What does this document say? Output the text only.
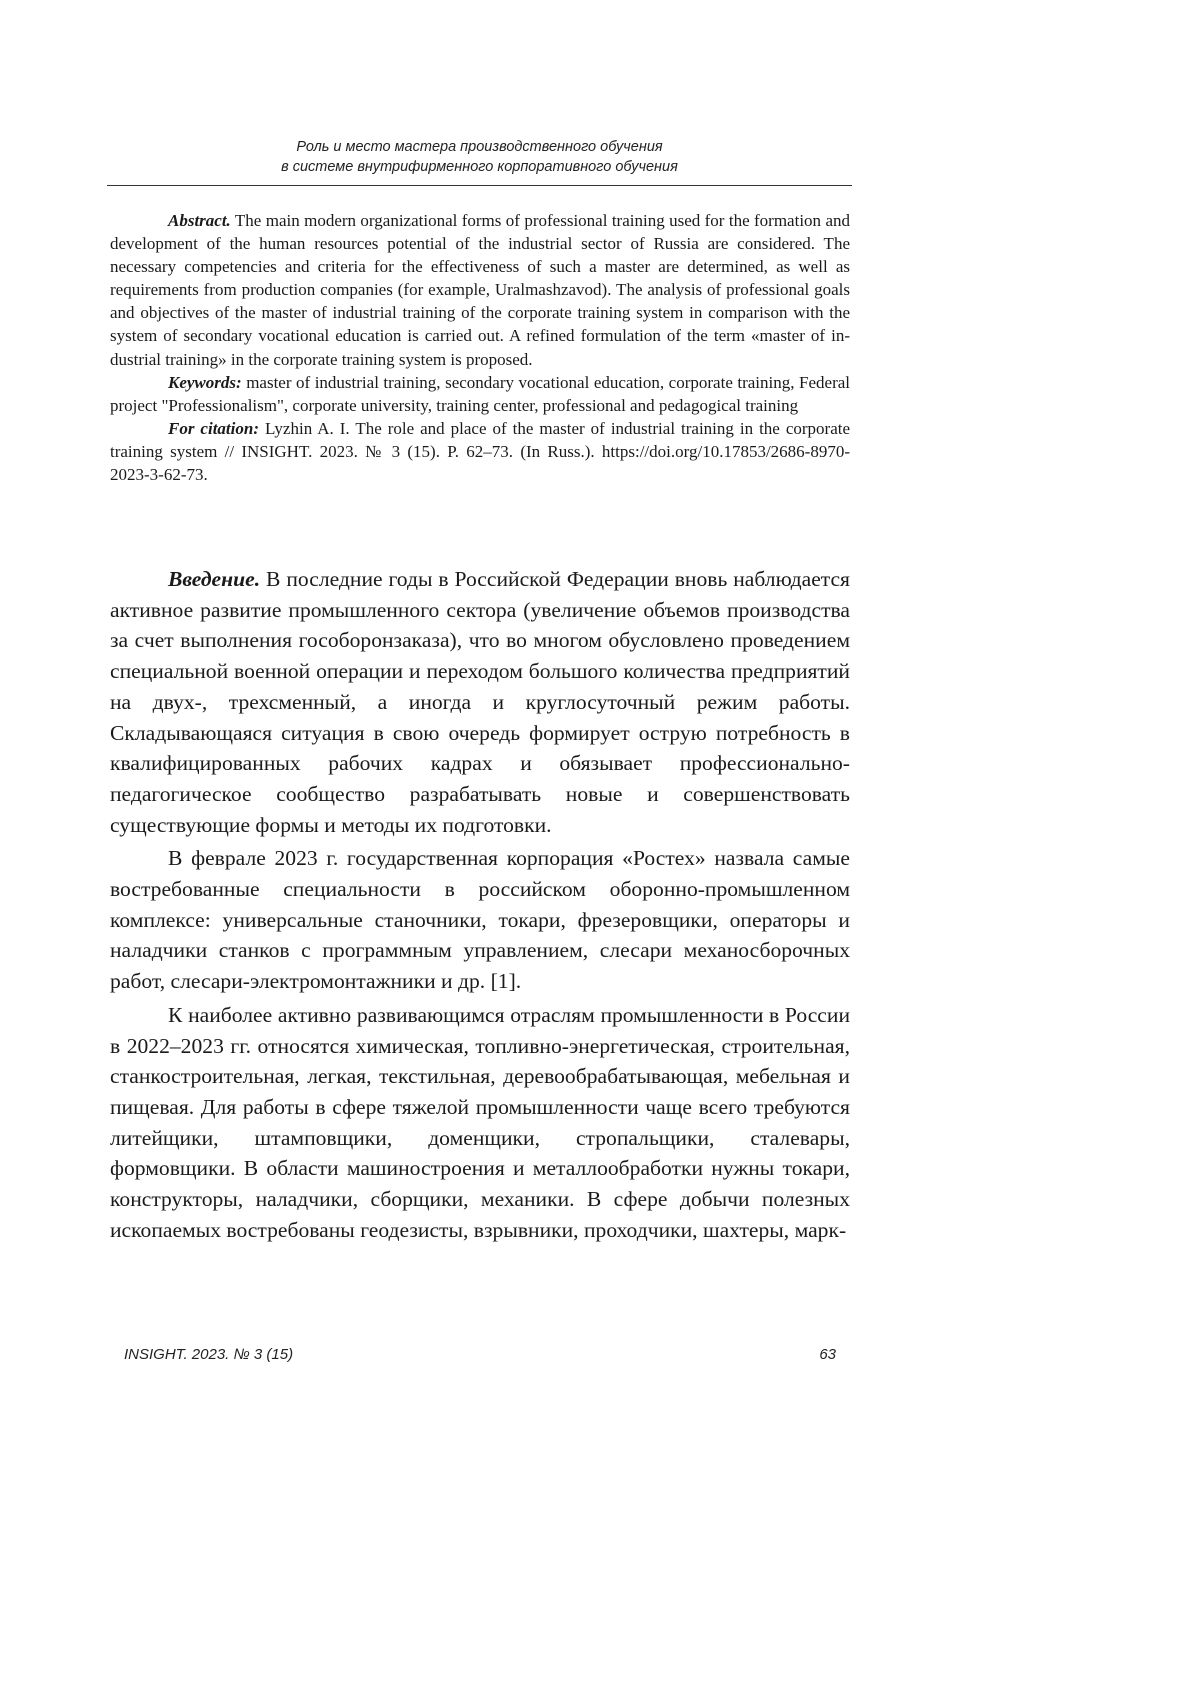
Роль и место мастера производственного обучения
в системе внутрифирменного корпоративного обучения

Abstract. The main modern organizational forms of professional training used for the formation and development of the human resources potential of the industrial sector of Russia are considered. The necessary competencies and criteria for the effectiveness of such a master are determined, as well as requirements from production companies (for example, Uralmashzavod). The analysis of professional goals and objectives of the master of industrial training of the corporate training system in comparison with the system of secondary vocational education is carried out. A refined formulation of the term «master of industrial training» in the corporate training system is proposed.

Keywords: master of industrial training, secondary vocational education, corporate training, Federal project "Professionalism", corporate university, training center, professional and pedagogical training

For citation: Lyzhin A. I. The role and place of the master of industrial training in the corporate training system // INSIGHT. 2023. № 3 (15). P. 62–73. (In Russ.). https://doi.org/10.17853/2686-8970-2023-3-62-73.

Введение. В последние годы в Российской Федерации вновь наблюдается активное развитие промышленного сектора (увеличение объемов производства за счет выполнения гособоронзаказа), что во многом обусловлено проведением специальной военной операции и переходом большого количества предприятий на двух-, трехсменный, а иногда и круглосуточный режим работы. Складывающаяся ситуация в свою очередь формирует острую потребность в квалифицированных рабочих кадрах и обязывает профессионально-педагогическое сообщество разрабатывать новые и совершенствовать существующие формы и методы их подготовки.

В феврале 2023 г. государственная корпорация «Ростех» назвала самые востребованные специальности в российском оборонно-промышленном комплексе: универсальные станочники, токари, фрезеровщики, операторы и наладчики станков с программным управлением, слесари механосборочных работ, слесари-электромонтажники и др. [1].

К наиболее активно развивающимся отраслям промышленности в России в 2022–2023 гг. относятся химическая, топливно-энергетическая, строительная, станкостроительная, легкая, текстильная, деревообрабатывающая, мебельная и пищевая. Для работы в сфере тяжелой промышленности чаще всего требуются литейщики, штамповщики, доменщики, стропальщики, сталевары, формовщики. В области машиностроения и металлообработки нужны токари, конструкторы, наладчики, сборщики, механики. В сфере добычи полезных ископаемых востребованы геодезисты, взрывники, проходчики, шахтеры, марк-

INSIGHT. 2023. № 3 (15)	63
